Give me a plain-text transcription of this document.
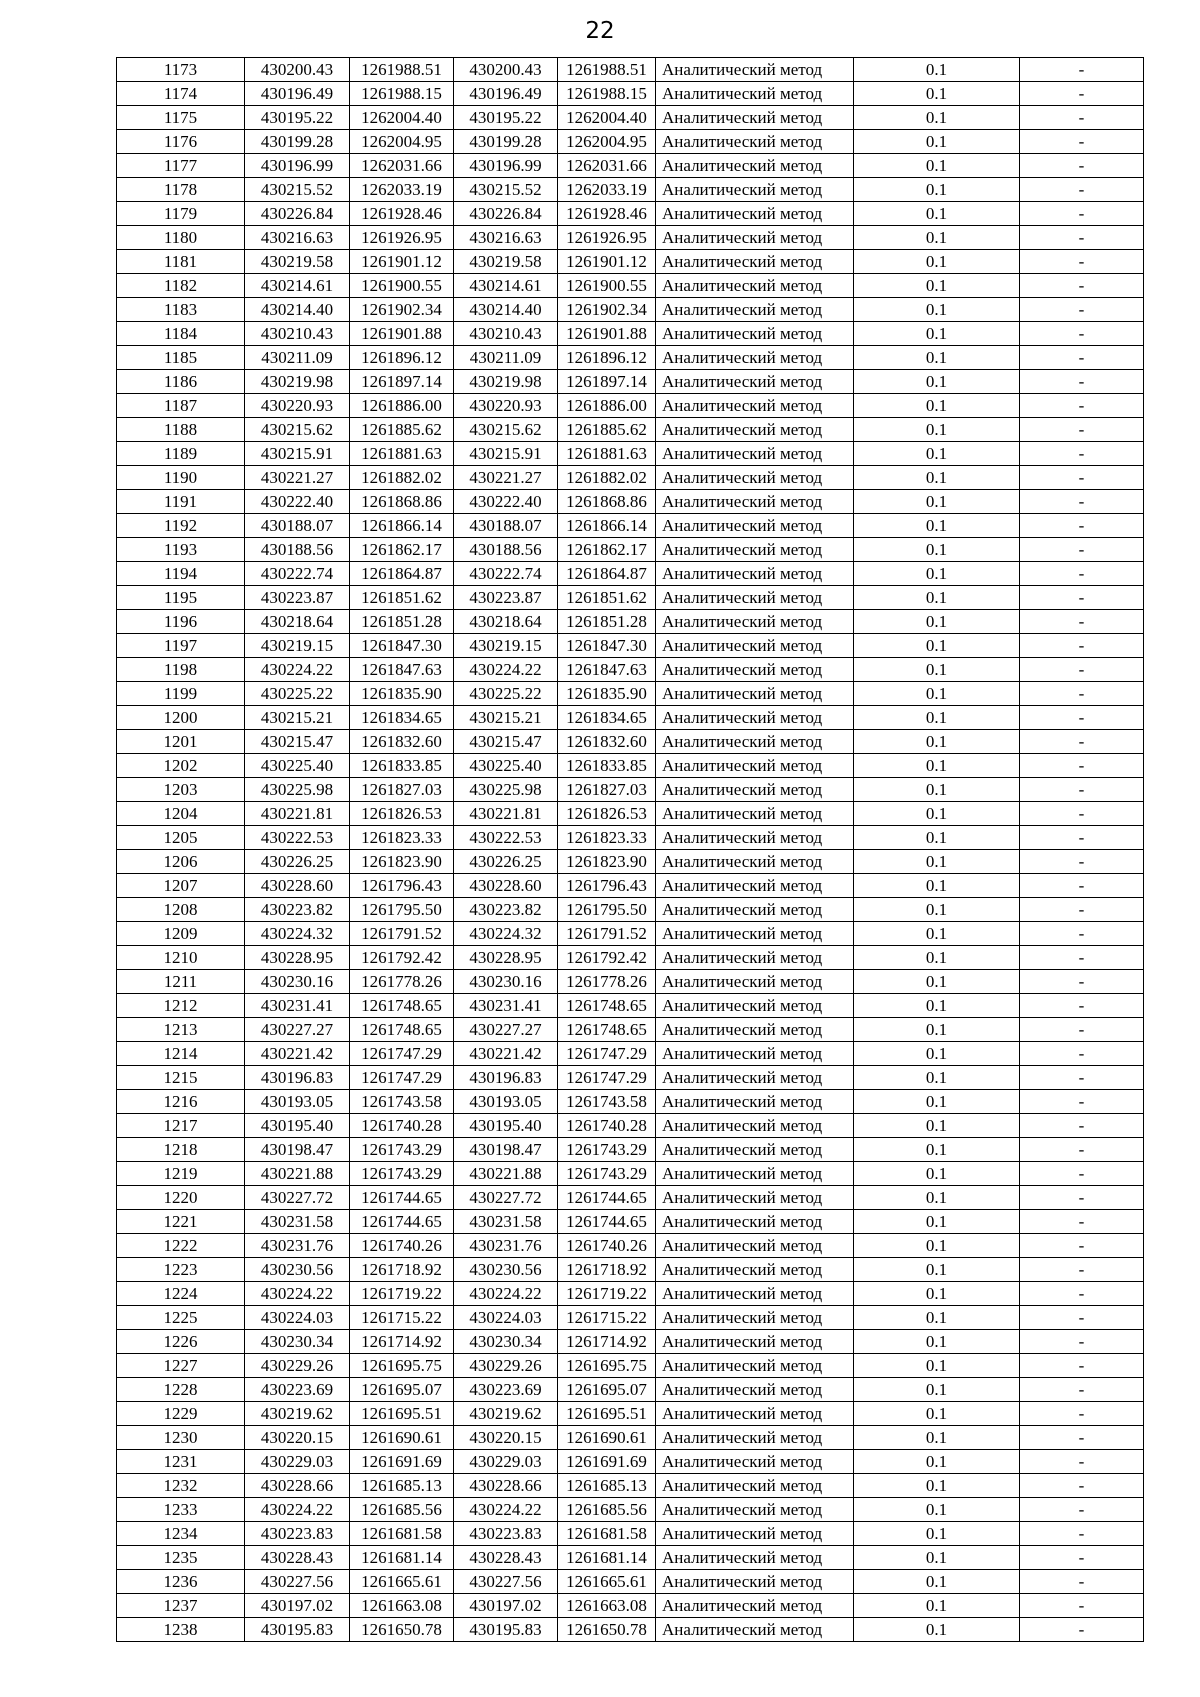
22
1173	430200.43	1261988.51	430200.43	1261988.51	Аналитический метод	0.1	-
1174	430196.49	1261988.15	430196.49	1261988.15	Аналитический метод	0.1	-
1175	430195.22	1262004.40	430195.22	1262004.40	Аналитический метод	0.1	-
1176	430199.28	1262004.95	430199.28	1262004.95	Аналитический метод	0.1	-
1177	430196.99	1262031.66	430196.99	1262031.66	Аналитический метод	0.1	-
1178	430215.52	1262033.19	430215.52	1262033.19	Аналитический метод	0.1	-
1179	430226.84	1261928.46	430226.84	1261928.46	Аналитический метод	0.1	-
1180	430216.63	1261926.95	430216.63	1261926.95	Аналитический метод	0.1	-
1181	430219.58	1261901.12	430219.58	1261901.12	Аналитический метод	0.1	-
1182	430214.61	1261900.55	430214.61	1261900.55	Аналитический метод	0.1	-
1183	430214.40	1261902.34	430214.40	1261902.34	Аналитический метод	0.1	-
1184	430210.43	1261901.88	430210.43	1261901.88	Аналитический метод	0.1	-
1185	430211.09	1261896.12	430211.09	1261896.12	Аналитический метод	0.1	-
1186	430219.98	1261897.14	430219.98	1261897.14	Аналитический метод	0.1	-
1187	430220.93	1261886.00	430220.93	1261886.00	Аналитический метод	0.1	-
1188	430215.62	1261885.62	430215.62	1261885.62	Аналитический метод	0.1	-
1189	430215.91	1261881.63	430215.91	1261881.63	Аналитический метод	0.1	-
1190	430221.27	1261882.02	430221.27	1261882.02	Аналитический метод	0.1	-
1191	430222.40	1261868.86	430222.40	1261868.86	Аналитический метод	0.1	-
1192	430188.07	1261866.14	430188.07	1261866.14	Аналитический метод	0.1	-
1193	430188.56	1261862.17	430188.56	1261862.17	Аналитический метод	0.1	-
1194	430222.74	1261864.87	430222.74	1261864.87	Аналитический метод	0.1	-
1195	430223.87	1261851.62	430223.87	1261851.62	Аналитический метод	0.1	-
1196	430218.64	1261851.28	430218.64	1261851.28	Аналитический метод	0.1	-
1197	430219.15	1261847.30	430219.15	1261847.30	Аналитический метод	0.1	-
1198	430224.22	1261847.63	430224.22	1261847.63	Аналитический метод	0.1	-
1199	430225.22	1261835.90	430225.22	1261835.90	Аналитический метод	0.1	-
1200	430215.21	1261834.65	430215.21	1261834.65	Аналитический метод	0.1	-
1201	430215.47	1261832.60	430215.47	1261832.60	Аналитический метод	0.1	-
1202	430225.40	1261833.85	430225.40	1261833.85	Аналитический метод	0.1	-
1203	430225.98	1261827.03	430225.98	1261827.03	Аналитический метод	0.1	-
1204	430221.81	1261826.53	430221.81	1261826.53	Аналитический метод	0.1	-
1205	430222.53	1261823.33	430222.53	1261823.33	Аналитический метод	0.1	-
1206	430226.25	1261823.90	430226.25	1261823.90	Аналитический метод	0.1	-
1207	430228.60	1261796.43	430228.60	1261796.43	Аналитический метод	0.1	-
1208	430223.82	1261795.50	430223.82	1261795.50	Аналитический метод	0.1	-
1209	430224.32	1261791.52	430224.32	1261791.52	Аналитический метод	0.1	-
1210	430228.95	1261792.42	430228.95	1261792.42	Аналитический метод	0.1	-
1211	430230.16	1261778.26	430230.16	1261778.26	Аналитический метод	0.1	-
1212	430231.41	1261748.65	430231.41	1261748.65	Аналитический метод	0.1	-
1213	430227.27	1261748.65	430227.27	1261748.65	Аналитический метод	0.1	-
1214	430221.42	1261747.29	430221.42	1261747.29	Аналитический метод	0.1	-
1215	430196.83	1261747.29	430196.83	1261747.29	Аналитический метод	0.1	-
1216	430193.05	1261743.58	430193.05	1261743.58	Аналитический метод	0.1	-
1217	430195.40	1261740.28	430195.40	1261740.28	Аналитический метод	0.1	-
1218	430198.47	1261743.29	430198.47	1261743.29	Аналитический метод	0.1	-
1219	430221.88	1261743.29	430221.88	1261743.29	Аналитический метод	0.1	-
1220	430227.72	1261744.65	430227.72	1261744.65	Аналитический метод	0.1	-
1221	430231.58	1261744.65	430231.58	1261744.65	Аналитический метод	0.1	-
1222	430231.76	1261740.26	430231.76	1261740.26	Аналитический метод	0.1	-
1223	430230.56	1261718.92	430230.56	1261718.92	Аналитический метод	0.1	-
1224	430224.22	1261719.22	430224.22	1261719.22	Аналитический метод	0.1	-
1225	430224.03	1261715.22	430224.03	1261715.22	Аналитический метод	0.1	-
1226	430230.34	1261714.92	430230.34	1261714.92	Аналитический метод	0.1	-
1227	430229.26	1261695.75	430229.26	1261695.75	Аналитический метод	0.1	-
1228	430223.69	1261695.07	430223.69	1261695.07	Аналитический метод	0.1	-
1229	430219.62	1261695.51	430219.62	1261695.51	Аналитический метод	0.1	-
1230	430220.15	1261690.61	430220.15	1261690.61	Аналитический метод	0.1	-
1231	430229.03	1261691.69	430229.03	1261691.69	Аналитический метод	0.1	-
1232	430228.66	1261685.13	430228.66	1261685.13	Аналитический метод	0.1	-
1233	430224.22	1261685.56	430224.22	1261685.56	Аналитический метод	0.1	-
1234	430223.83	1261681.58	430223.83	1261681.58	Аналитический метод	0.1	-
1235	430228.43	1261681.14	430228.43	1261681.14	Аналитический метод	0.1	-
1236	430227.56	1261665.61	430227.56	1261665.61	Аналитический метод	0.1	-
1237	430197.02	1261663.08	430197.02	1261663.08	Аналитический метод	0.1	-
1238	430195.83	1261650.78	430195.83	1261650.78	Аналитический метод	0.1	-
